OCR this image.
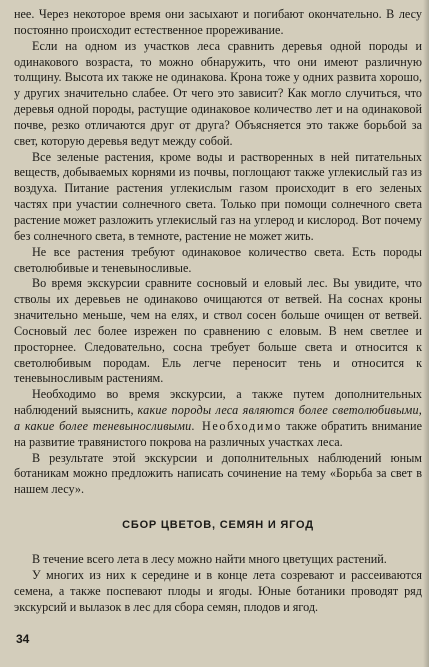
нее. Через некоторое время они засыхают и погибают окончательно. В лесу постоянно происходит естественное прореживание.

Если на одном из участков леса сравнить деревья одной породы и одинакового возраста, то можно обнаружить, что они имеют различную толщину. Высота их также не одинакова. Крона тоже у одних развита хорошо, у других значительно слабее. От чего это зависит? Как могло случиться, что деревья одной породы, растущие одинаковое количество лет и на одинаковой почве, резко отличаются друг от друга? Объясняется это также борьбой за свет, которую деревья ведут между собой.

Все зеленые растения, кроме воды и растворенных в ней питательных веществ, добываемых корнями из почвы, поглощают также углекислый газ из воздуха. Питание растения углекислым газом происходит в его зеленых частях при участии солнечного света. Только при помощи солнечного света растение может разложить углекислый газ на углерод и кислород. Вот почему без солнечного света, в темноте, растение не может жить.

Не все растения требуют одинаковое количество света. Есть породы светолюбивые и теневыносливые.

Во время экскурсии сравните сосновый и еловый лес. Вы увидите, что стволы их деревьев не одинаково очищаются от ветвей. На соснах кроны значительно меньше, чем на елях, и ствол сосен больше очищен от ветвей. Сосновый лес более изрежен по сравнению с еловым. В нем светлее и просторнее. Следовательно, сосна требует больше света и относится к светолюбивым породам. Ель легче переносит тень и относится к теневыносливым растениям.

Необходимо во время экскурсии, а также путем дополнительных наблюдений выяснить, какие породы леса являются более светолюбивыми, а какие более теневыносливыми. Необходимо также обратить внимание на развитие травянистого покрова на различных участках леса.

В результате этой экскурсии и дополнительных наблюдений юным ботаникам можно предложить написать сочинение на тему «Борьба за свет в нашем лесу».

СБОР ЦВЕТОВ, СЕМЯН И ЯГОД

В течение всего лета в лесу можно найти много цветущих растений.

У многих из них к середине и в конце лета созревают и рассеиваются семена, а также поспевают плоды и ягоды. Юные ботаники проводят ряд экскурсий и вылазок в лес для сбора семян, плодов и ягод.

34
